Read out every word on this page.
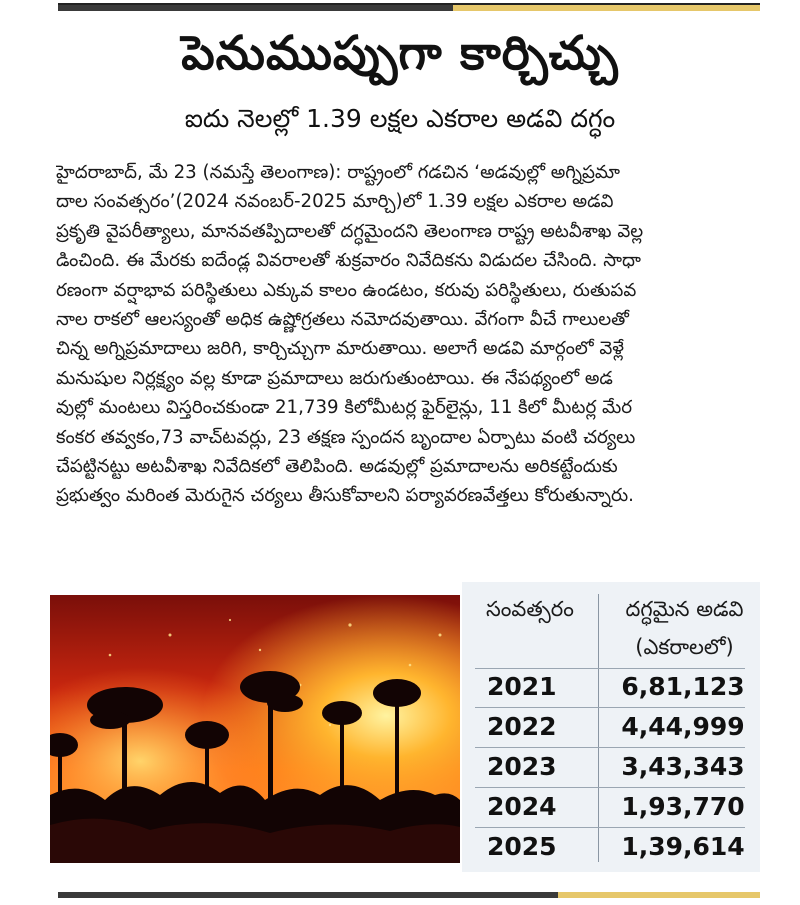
పెనుముప్పుగా కార్చిచ్చు
ఐదు నెలల్లో 1.39 లక్షల ఎకరాల అడవి దగ్ధం
హైదరాబాద్, మే 23 (నమస్తే తెలంగాణ): రాష్ట్రంలో గడచిన ‘అడవుల్లో అగ్నిప్రమా
దాల సంవత్సరం’(2024 నవంబర్-2025 మార్చి)లో 1.39 లక్షల ఎకరాల అడవి
ప్రకృతి వైపరీత్యాలు, మానవతప్పిదాలతో దగ్ధమైందని తెలంగాణ రాష్ట్ర అటవీశాఖ వెల్ల
డించింది. ఈ మేరకు ఐదేండ్ల వివరాలతో శుక్రవారం నివేదికను విడుదల చేసింది. సాధా
రణంగా వర్షాభావ పరిస్థితులు ఎక్కువ కాలం ఉండటం, కరువు పరిస్థితులు, రుతుపవ
నాల రాకలో ఆలస్యంతో అధిక ఉష్ణోగ్రతలు నమోదవుతాయి. వేగంగా వీచే గాలులతో
చిన్న అగ్నిప్రమాదాలు జరిగి, కార్చిచ్చుగా మారుతాయి. అలాగే అడవి మార్గంలో వెళ్లే
మనుషుల నిర్లక్ష్యం వల్ల కూడా ప్రమాదాలు జరుగుతుంటాయి. ఈ నేపథ్యంలో అడ
వుల్లో మంటలు విస్తరించకుండా 21,739 కిలోమీటర్ల ఫైర్‌లైన్లు, 11 కిలో మీటర్ల మేర
కంకర తవ్వకం,73 వాచ్‌టవర్లు, 23 తక్షణ స్పందన బృందాల ఏర్పాటు వంటి చర్యలు
చేపట్టినట్టు అటవీశాఖ నివేదికలో తెలిపింది. అడవుల్లో ప్రమాదాలను అరికట్టేందుకు
ప్రభుత్వం మరింత మెరుగైన చర్యలు తీసుకోవాలని పర్యావరణవేత్తలు కోరుతున్నారు.
సంవత్సరం	దగ్ధమైన అడవి
(ఎకరాలలో)
2021	6,81,123
2022	4,44,999
2023	3,43,343
2024	1,93,770
2025	1,39,614
